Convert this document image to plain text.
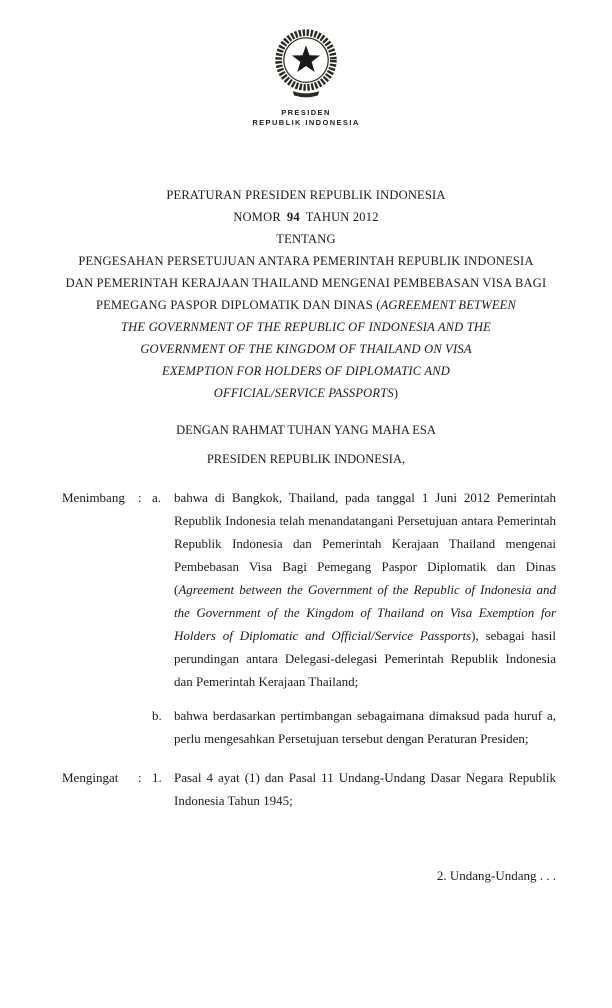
PRESIDEN
REPUBLIK INDONESIA
PERATURAN PRESIDEN REPUBLIK INDONESIA
NOMOR 94 TAHUN 2012
TENTANG
PENGESAHAN PERSETUJUAN ANTARA PEMERINTAH REPUBLIK INDONESIA
DAN PEMERINTAH KERAJAAN THAILAND MENGENAI PEMBEBASAN VISA BAGI
PEMEGANG PASPOR DIPLOMATIK DAN DINAS (AGREEMENT BETWEEN
THE GOVERNMENT OF THE REPUBLIC OF INDONESIA AND THE
GOVERNMENT OF THE KINGDOM OF THAILAND ON VISA
EXEMPTION FOR HOLDERS OF DIPLOMATIC AND
OFFICIAL/SERVICE PASSPORTS)
DENGAN RAHMAT TUHAN YANG MAHA ESA
PRESIDEN REPUBLIK INDONESIA,
Menimbang	: a. bahwa di Bangkok, Thailand, pada tanggal 1 Juni 2012 Pemerintah Republik Indonesia telah menandatangani Persetujuan antara Pemerintah Republik Indonesia dan Pemerintah Kerajaan Thailand mengenai Pembebasan Visa Bagi Pemegang Paspor Diplomatik dan Dinas (Agreement between the Government of the Republic of Indonesia and the Government of the Kingdom of Thailand on Visa Exemption for Holders of Diplomatic and Official/Service Passports), sebagai hasil perundingan antara Delegasi-delegasi Pemerintah Republik Indonesia dan Pemerintah Kerajaan Thailand;

b. bahwa berdasarkan pertimbangan sebagaimana dimaksud pada huruf a, perlu mengesahkan Persetujuan tersebut dengan Peraturan Presiden;

Mengingat	: 1. Pasal 4 ayat (1) dan Pasal 11 Undang-Undang Dasar Negara Republik Indonesia Tahun 1945;

2. Undang-Undang . . .
